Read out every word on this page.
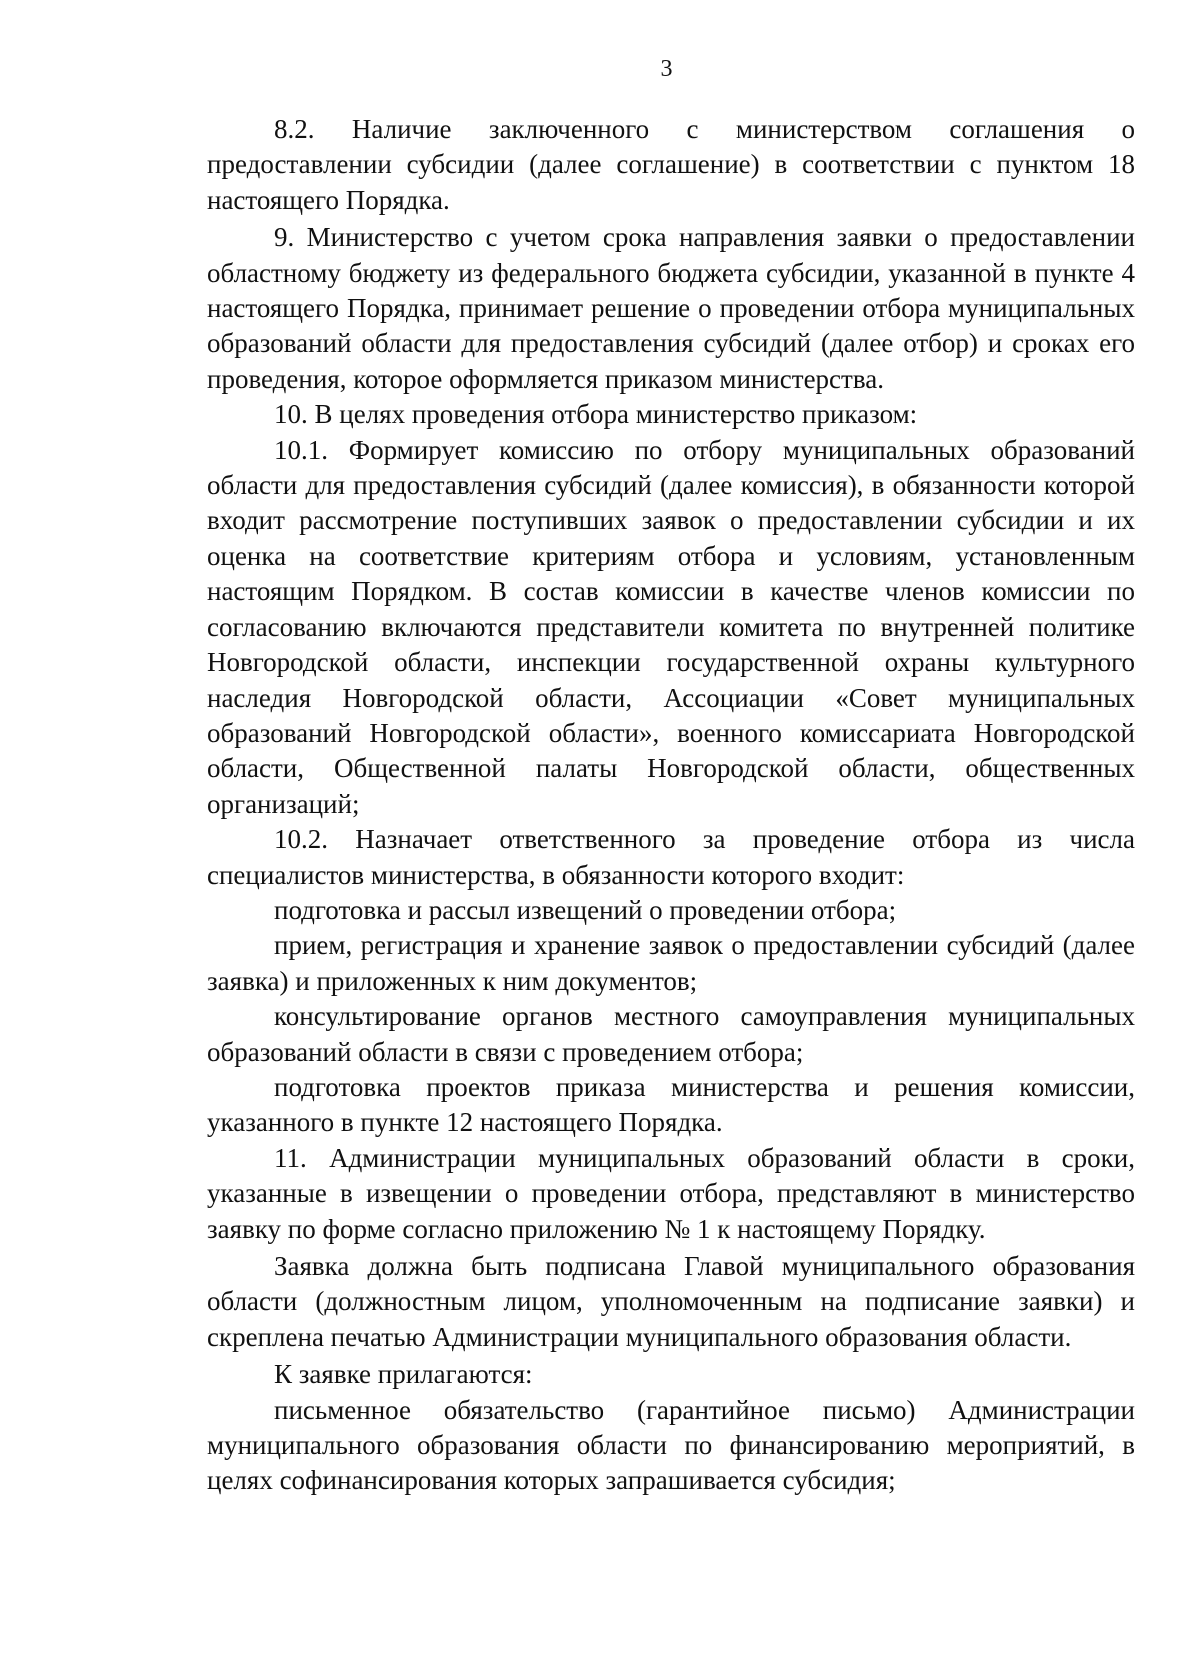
3

8.2. Наличие заключенного с министерством соглашения о предоставлении субсидии (далее соглашение) в соответствии с пунктом 18 настоящего Порядка.

9. Министерство с учетом срока направления заявки о предоставлении областному бюджету из федерального бюджета субсидии, указанной в пункте 4 настоящего Порядка, принимает решение о проведении отбора муниципальных образований области для предоставления субсидий (далее отбор) и сроках его проведения, которое оформляется приказом министерства.

10. В целях проведения отбора министерство приказом:

10.1. Формирует комиссию по отбору муниципальных образований области для предоставления субсидий (далее комиссия), в обязанности которой входит рассмотрение поступивших заявок о предоставлении субсидии и их оценка на соответствие критериям отбора и условиям, установленным настоящим Порядком. В состав комиссии в качестве членов комиссии по согласованию включаются представители комитета по внутренней политике Новгородской области, инспекции государственной охраны культурного наследия Новгородской области, Ассоциации «Совет муниципальных образований Новгородской области», военного комиссариата Новгородской области, Общественной палаты Новгородской области, общественных организаций;

10.2. Назначает ответственного за проведение отбора из числа специалистов министерства, в обязанности которого входит:

подготовка и рассыл извещений о проведении отбора;

прием, регистрация и хранение заявок о предоставлении субсидий (далее заявка) и приложенных к ним документов;

консультирование органов местного самоуправления муниципальных образований области в связи с проведением отбора;

подготовка проектов приказа министерства и решения комиссии, указанного в пункте 12 настоящего Порядка.

11. Администрации муниципальных образований области в сроки, указанные в извещении о проведении отбора, представляют в министерство заявку по форме согласно приложению № 1 к настоящему Порядку.

Заявка должна быть подписана Главой муниципального образования области (должностным лицом, уполномоченным на подписание заявки) и скреплена печатью Администрации муниципального образования области.

К заявке прилагаются:

письменное обязательство (гарантийное письмо) Администрации муниципального образования области по финансированию мероприятий, в целях софинансирования которых запрашивается субсидия;
